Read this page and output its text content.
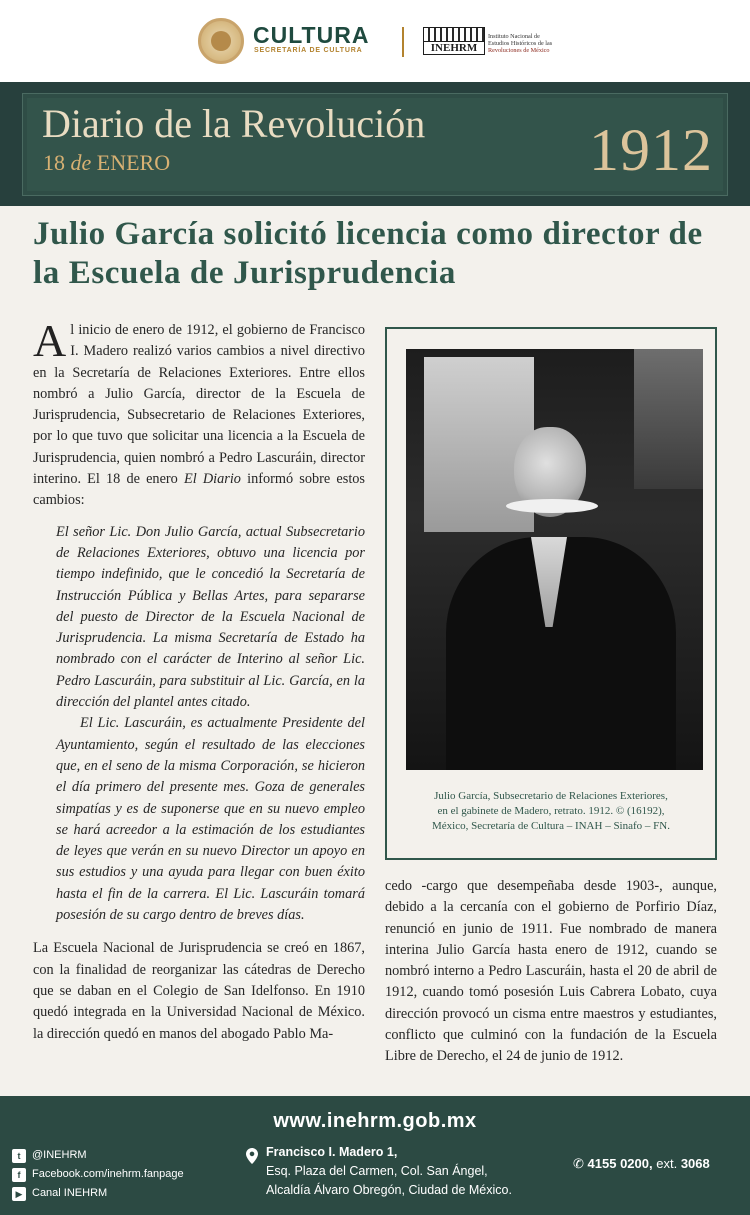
CULTURA
SECRETARÍA DE CULTURA	INEHRM
Instituto Nacional de
Estudios Históricos de las
Revoluciones de México
Diario de la Revolución
18 de ENERO	1912
Julio García solicitó licencia como director de la Escuela de Jurisprudencia

Al inicio de enero de 1912, el gobierno de Francisco I. Madero realizó varios cambios a nivel directivo en la Secretaría de Relaciones Exteriores. Entre ellos nombró a Julio García, director de la Escuela de Jurisprudencia, Subsecretario de Relaciones Exteriores, por lo que tuvo que solicitar una licencia a la Escuela de Jurisprudencia, quien nombró a Pedro Lascuráin, director interino. El 18 de enero El Diario informó sobre estos cambios:

El señor Lic. Don Julio García, actual Subsecretario de Relaciones Exteriores, obtuvo una licencia por tiempo indefinido, que le concedió la Secretaría de Instrucción Pública y Bellas Artes, para separarse del puesto de Director de la Escuela Nacional de Jurisprudencia. La misma Secretaría de Estado ha nombrado con el carácter de Interino al señor Lic. Pedro Lascuráin, para substituir al Lic. García, en la dirección del plantel antes citado.

El Lic. Lascuráin, es actualmente Presidente del Ayuntamiento, según el resultado de las elecciones que, en el seno de la misma Corporación, se hicieron el día primero del presente mes. Goza de generales simpatías y es de suponerse que en su nuevo empleo se hará acreedor a la estimación de los estudiantes de leyes que verán en su nuevo Director un apoyo en sus estudios y una ayuda para llegar con buen éxito hasta el fin de la carrera. El Lic. Lascuráin tomará posesión de su cargo dentro de breves días.

La Escuela Nacional de Jurisprudencia se creó en 1867, con la finalidad de reorganizar las cátedras de Derecho que se daban en el Colegio de San Idelfonso. En 1910 quedó integrada en la Universidad Nacional de México. la dirección quedó en manos del abogado Pablo Ma-

Julio García, Subsecretario de Relaciones Exteriores,
en el gabinete de Madero, retrato. 1912. © (16192),
México, Secretaría de Cultura – INAH – Sinafo – FN.

cedo -cargo que desempeñaba desde 1903-, aunque, debido a la cercanía con el gobierno de Porfirio Díaz, renunció en junio de 1911. Fue nombrado de manera interina Julio García hasta enero de 1912, cuando se nombró interno a Pedro Lascuráin, hasta el 20 de abril de 1912, cuando tomó posesión Luis Cabrera Lobato, cuya dirección provocó un cisma entre maestros y estudiantes, conflicto que culminó con la fundación de la Escuela Libre de Derecho, el 24 de junio de 1912.

www.inehrm.gob.mx
t	@INEHRM
f	Facebook.com/inehrm.fanpage
▶ Canal INEHRM
Francisco I. Madero 1,
Esq. Plaza del Carmen, Col. San Ángel,
Alcaldía Álvaro Obregón, Ciudad de México.
✆ 4155 0200, ext. 3068
